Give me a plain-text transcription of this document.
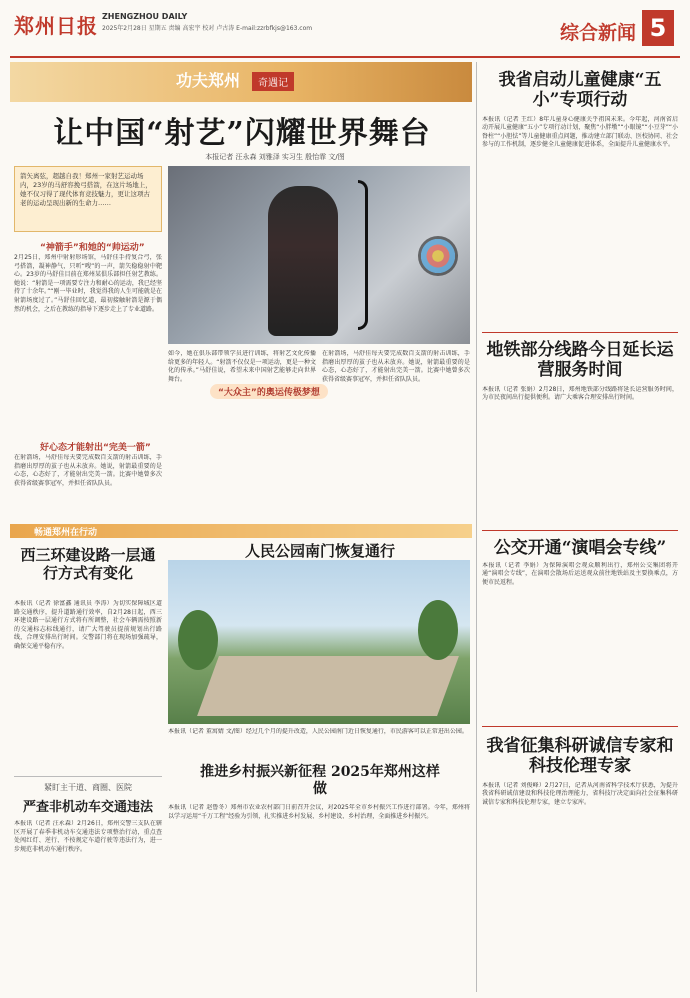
郑州日报 ZHENGZHOU DAILY
2025年2月28日 星期五 责编 高宏宇 校对 卢古涛 E-mail:zzrbfkjs@163.com	综合新闻 5
功夫郑州	奇遇记
让中国“射艺”闪耀世界舞台
本报记者 汪永森 刘雅泽 实习生 殷怡霏 文/图
箭矢离弦，超越自我！郑州一家射艺运动场内，23岁的马舒容挽弓搭箭，在这片场地上，她不仅习得了现代体育竞技魅力，更让这项古老的运动呈现出新的生命力……
“神箭手”和她的“帅运动”
2月25日，郑州中射射形场馆，马舒佳手持复合弓，张弓搭箭，凝神静气，只听“嗖”的一声，箭矢稳稳射中靶心。23岁的马舒佳目前在郑州某俱乐部担任射艺教练。她说：“射箭是一项需要专注力和耐心的运动，我已经坚持了十余年。”“刚一毕业时，我觉得我的人生可能就是在射箭场度过了。”马舒佳回忆道，最初接触射箭是源于偶然的机会，之后在教练的指导下逐步走上了专业道路。
好心态才能射出“完美一箭”
在射箭场，马舒佳每天要完成数百支箭的射击训练，手指磨出厚厚的茧子也从未放弃。她说，射箭最重要的是心态，心态好了，才能射出完美一箭。比赛中她曾多次获得省级赛事冠军，并担任省队队员。
如今，她在俱乐部带领学员进行训练，将射艺文化传播给更多的年轻人。“射箭不仅仅是一项运动，更是一种文化的传承。”马舒佳说，希望未来中国射艺能够走向世界舞台。
“大众主”的奥运传极梦想
在射箭场，马舒佳每天要完成数百支箭的射击训练，手指磨出厚厚的茧子也从未放弃。她说，射箭最重要的是心态，心态好了，才能射出完美一箭。比赛中她曾多次获得省级赛事冠军，并担任省队队员。
畅通郑州在行动
西三环建设路一层通行方式有变化
本报讯（记者 徐富鑫 通讯员 李涛）为切实保障城区道路交通秩序，提升道路通行效率，自2月28日起，西三环建设路一层通行方式将有所调整，社会车辆需按照新的交通标志标线通行，请广大驾驶员提前规划出行路线，合理安排出行时间。交警部门将在现场加强疏导，确保交通平稳有序。
人民公园南门恢复通行
本报讯（记者 董寓婧 文/图）经过几个月的提升改造，人民公园南门近日恢复通行，市民游客可以正常进出公园。
推进乡村振兴新征程 2025年郑州这样做
本报讯（记者 赵鲁冬）郑州市农业农村部门日前召开会议，对2025年全市乡村振兴工作进行部署。今年，郑州将以学习运用“千万工程”经验为引领，扎实推进乡村发展、乡村建设、乡村治理，全面推进乡村振兴。
紧盯主干道、商圈、医院
严查非机动车交通违法
本报讯（记者 汪永森）2月26日，郑州交警三支队在辖区开展了春季非机动车交通违法专项整治行动，重点查处闯红灯、逆行、不按规定车道行驶等违法行为，进一步规范非机动车通行秩序。
我省启动儿童健康“五小”专项行动
本报讯（记者 王红）8年儿童身心健康关乎祖国未来。今年起，河南省启动开展儿童健康“五小”专项行动计划，聚焦“小胖墩”“小眼镜”“小豆芽”“小脊柱”“小胆怯”等儿童健康重点问题，推动建立部门联动、医校协同、社会参与的工作机制，逐步健全儿童健康促进体系，全面提升儿童健康水平。
地铁部分线路今日延长运营服务时间
本报讯（记者 张娟）2月28日，郑州地铁部分线路将延长运营服务时间，为市民夜间出行提供便利。请广大乘客合理安排出行时间。
公交开通“演唱会专线”
本报讯（记者 李娟）为保障演唱会观众顺利出行，郑州公交集团将开通“演唱会专线”，在演唱会散场后运送观众前往地铁站及主要换乘点，方便市民返程。
我省征集科研诚信专家和科技伦理专家
本报讯（记者 刘俊峰）2月27日，记者从河南省科学技术厅获悉，为提升我省科研诚信建设和科技伦理治理能力，省科技厅决定面向社会征集科研诚信专家和科技伦理专家，建立专家库。
